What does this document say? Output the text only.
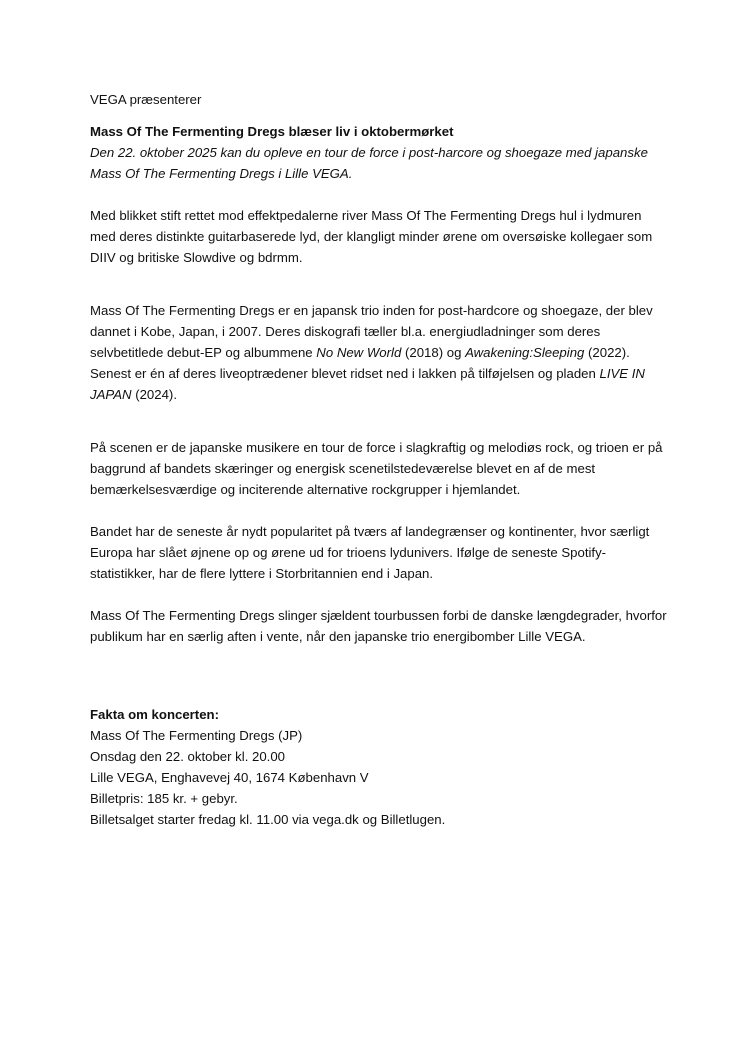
VEGA præsenterer

Mass Of The Fermenting Dregs blæser liv i oktobermørket

Den 22. oktober 2025 kan du opleve en tour de force i post-harcore og shoegaze med japanske Mass Of The Fermenting Dregs i Lille VEGA.

Med blikket stift rettet mod effektpedalerne river Mass Of The Fermenting Dregs hul i lydmuren med deres distinkte guitarbaserede lyd, der klangligt minder ørene om oversøiske kollegaer som DIIV og britiske Slowdive og bdrmm.

Mass Of The Fermenting Dregs er en japansk trio inden for post-hardcore og shoegaze, der blev dannet i Kobe, Japan, i 2007. Deres diskografi tæller bl.a. energiudladninger som deres selvbetitlede debut-EP og albummene No New World (2018) og Awakening:Sleeping (2022). Senest er én af deres liveoptrædener blevet ridset ned i lakken på tilføjelsen og pladen LIVE IN JAPAN (2024).

På scenen er de japanske musikere en tour de force i slagkraftig og melodiøs rock, og trioen er på baggrund af bandets skæringer og energisk scenetilstedeværelse blevet en af de mest bemærkelsesværdige og inciterende alternative rockgrupper i hjemlandet.

Bandet har de seneste år nydt popularitet på tværs af landegrænser og kontinenter, hvor særligt Europa har slået øjnene op og ørene ud for trioens lydunivers. Ifølge de seneste Spotify-statistikker, har de flere lyttere i Storbritannien end i Japan.

Mass Of The Fermenting Dregs slinger sjældent tourbussen forbi de danske længdegrader, hvorfor publikum har en særlig aften i vente, når den japanske trio energibomber Lille VEGA.

Fakta om koncerten:

Mass Of The Fermenting Dregs (JP)
Onsdag den 22. oktober kl. 20.00
Lille VEGA, Enghavevej 40, 1674 København V
Billetpris: 185 kr. + gebyr.
Billetsalget starter fredag kl. 11.00 via vega.dk og Billetlugen.
